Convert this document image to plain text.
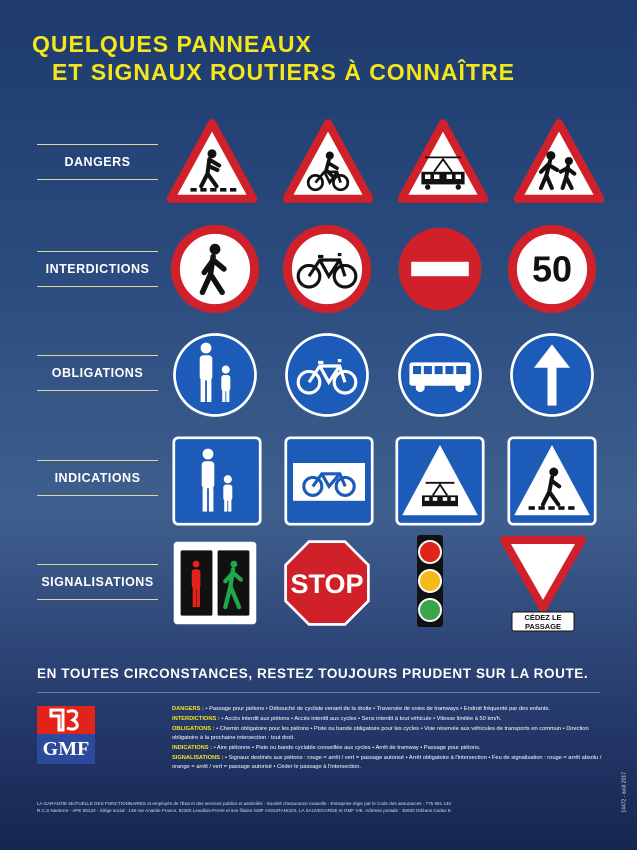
QUELQUES PANNEAUX
ET SIGNAUX ROUTIERS À CONNAÎTRE
DANGERS
INTERDICTIONS
OBLIGATIONS
INDICATIONS
SIGNALISATIONS
50
STOP
CÉDEZ LE
PASSAGE
EN TOUTES CIRCONSTANCES, RESTEZ TOUJOURS PRUDENT SUR LA ROUTE.
GMF

DANGERS : • Passage pour piétons • Débouché de cycliste venant de la droite • Traversée de voies de tramways • Endroit fréquenté par des enfants.

INTERDICTIONS : • Accès interdit aux piétons • Accès interdit aux cycles • Sens interdit à tout véhicule • Vitesse limitée à 50 km/h.

OBLIGATIONS : • Chemin obligatoire pour les piétons • Piste ou bande obligatoire pour les cycles • Voie réservée aux véhicules de transports en commun • Direction obligatoire à la prochaine intersection : tout droit.

INDICATIONS : • Aire piétonne • Piste ou bande cyclable conseillée aux cycles • Arrêt de tramway • Passage pour piétons.

SIGNALISATIONS : • Signaux destinés aux piétons : rouge = arrêt / vert = passage autorisé • Arrêt obligatoire à l'intersection • Feu de signalisation : rouge = arrêt absolu / orange = arrêt / vert = passage autorisé • Céder le passage à l'intersection.

LA GARANTIE MUTUELLE DES FONCTIONNAIRES et employés de l'État et des services publics et assimilés - Société d'assurance mutuelle - Entreprise régie par le Code des assurances - 775 691 140 R.C.S Nanterre - APE 6512Z - Siège social : 148 rue Anatole France, 92300 Levallois-Perret et ses filiales GMF ASSURANCES, LA SAUVEGARDE et GMF VIE. Adresse postale : 45930 Orléans Cedex 9.	14472 - août 2017
